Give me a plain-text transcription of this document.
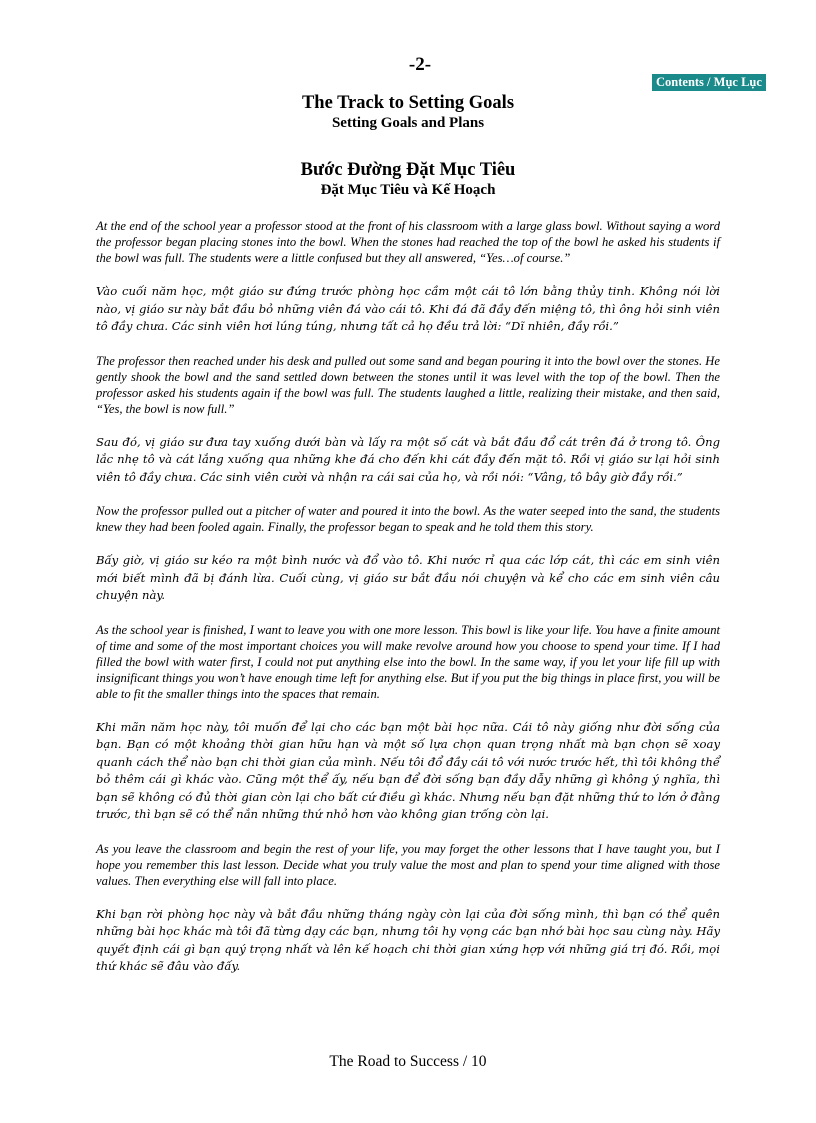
-2-
Contents / Mục Lục
The Track to Setting Goals
Setting Goals and Plans
Bước Đường Đặt Mục Tiêu
Đặt Mục Tiêu và Kế Hoạch

At the end of the school year a professor stood at the front of his classroom with a large glass bowl. Without saying a word the professor began placing stones into the bowl. When the stones had reached the top of the bowl he asked his students if the bowl was full. The students were a little confused but they all answered, “Yes…of course.”

Vào cuối năm học, một giáo sư đứng trước phòng học cầm một cái tô lớn bằng thủy tinh. Không nói lời nào, vị giáo sư này bắt đầu bỏ những viên đá vào cái tô. Khi đá đã đầy đến miệng tô, thì ông hỏi sinh viên tô đầy chưa. Các sinh viên hơi lúng túng, nhưng tất cả họ đều trả lời: “Dĩ nhiên, đầy rồi.”

The professor then reached under his desk and pulled out some sand and began pouring it into the bowl over the stones. He gently shook the bowl and the sand settled down between the stones until it was level with the top of the bowl. Then the professor asked his students again if the bowl was full. The students laughed a little, realizing their mistake, and then said, “Yes, the bowl is now full.”

Sau đó, vị giáo sư đưa tay xuống dưới bàn và lấy ra một số cát và bắt đầu đổ cát trên đá ở trong tô. Ông lắc nhẹ tô và cát lắng xuống qua những khe đá cho đến khi cát đầy đến mặt tô. Rồi vị giáo sư lại hỏi sinh viên tô đầy chưa. Các sinh viên cười và nhận ra cái sai của họ, và rồi nói: “Vâng, tô bây giờ đầy rồi.”

Now the professor pulled out a pitcher of water and poured it into the bowl. As the water seeped into the sand, the students knew they had been fooled again. Finally, the professor began to speak and he told them this story.

Bấy giờ, vị giáo sư kéo ra một bình nước và đổ vào tô. Khi nước rỉ qua các lớp cát, thì các em sinh viên mới biết mình đã bị đánh lừa. Cuối cùng, vị giáo sư bắt đầu nói chuyện và kể cho các em sinh viên câu chuyện này.

As the school year is finished, I want to leave you with one more lesson. This bowl is like your life. You have a finite amount of time and some of the most important choices you will make revolve around how you choose to spend your time. If I had filled the bowl with water first, I could not put anything else into the bowl. In the same way, if you let your life fill up with insignificant things you won’t have enough time left for anything else. But if you put the big things in place first, you will be able to fit the smaller things into the spaces that remain.

Khi mãn năm học này, tôi muốn để lại cho các bạn một bài học nữa. Cái tô này giống như đời sống của bạn. Bạn có một khoảng thời gian hữu hạn và một số lựa chọn quan trọng nhất mà bạn chọn sẽ xoay quanh cách thể nào bạn chi thời gian của mình. Nếu tôi đổ đầy cái tô với nước trước hết, thì tôi không thể bỏ thêm cái gì khác vào. Cũng một thể ấy, nếu bạn để đời sống bạn đầy dẫy những gì không ý nghĩa, thì bạn sẽ không có đủ thời gian còn lại cho bất cứ điều gì khác. Nhưng nếu bạn đặt những thứ to lớn ở đằng trước, thì bạn sẽ có thể nắn những thứ nhỏ hơn vào không gian trống còn lại.

As you leave the classroom and begin the rest of your life, you may forget the other lessons that I have taught you, but I hope you remember this last lesson. Decide what you truly value the most and plan to spend your time aligned with those values. Then everything else will fall into place.

Khi bạn rời phòng học này và bắt đầu những tháng ngày còn lại của đời sống mình, thì bạn có thể quên những bài học khác mà tôi đã từng dạy các bạn, nhưng tôi hy vọng các bạn nhớ bài học sau cùng này. Hãy quyết định cái gì bạn quý trọng nhất và lên kế hoạch chi thời gian xứng hợp với những giá trị đó. Rồi, mọi thứ khác sẽ đâu vào đấy.

The Road to Success / 10
